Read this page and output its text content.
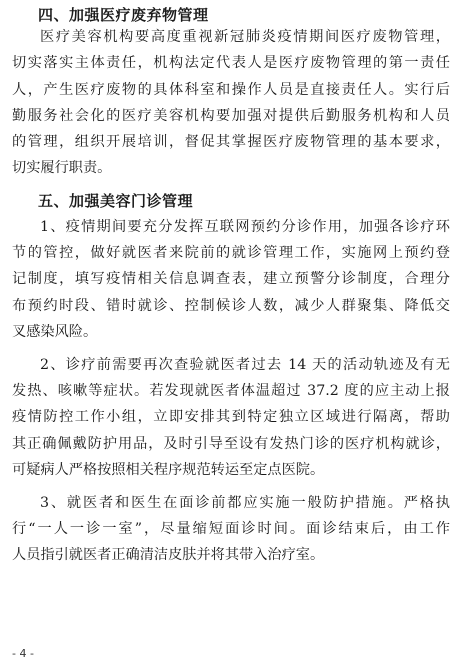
四、加强医疗废弃物管理
医疗美容机构要高度重视新冠肺炎疫情期间医疗废物管理，
切实落实主体责任，机构法定代表人是医疗废物管理的第一责任
人，产生医疗废物的具体科室和操作人员是直接责任人。实行后
勤服务社会化的医疗美容机构要加强对提供后勤服务机构和人员
的管理，组织开展培训，督促其掌握医疗废物管理的基本要求，
切实履行职责。
五、加强美容门诊管理
1、疫情期间要充分发挥互联网预约分诊作用，加强各诊疗环
节的管控，做好就医者来院前的就诊管理工作，实施网上预约登
记制度，填写疫情相关信息调查表，建立预警分诊制度，合理分
布预约时段、错时就诊、控制候诊人数，减少人群聚集、降低交
叉感染风险。
2、诊疗前需要再次查验就医者过去 14 天的活动轨迹及有无
发热、咳嗽等症状。若发现就医者体温超过 37.2 度的应主动上报
疫情防控工作小组，立即安排其到特定独立区域进行隔离，帮助
其正确佩戴防护用品，及时引导至设有发热门诊的医疗机构就诊，
可疑病人严格按照相关程序规范转运至定点医院。
3、就医者和医生在面诊前都应实施一般防护措施。严格执
行“一人一诊一室”，尽量缩短面诊时间。面诊结束后，由工作
人员指引就医者正确清洁皮肤并将其带入治疗室。
- 4 -
